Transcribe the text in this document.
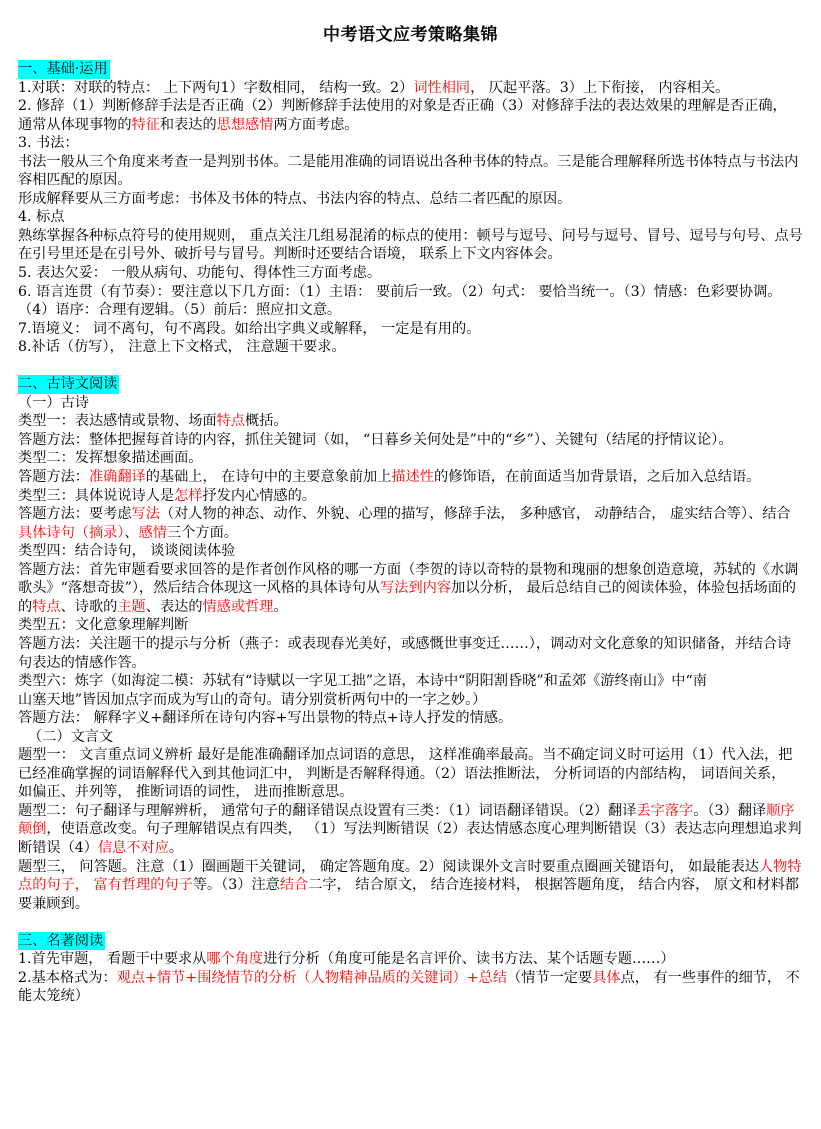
中考语文应考策略集锦

一、基础·运用

1.对联：对联的特点： 上下两句1）字数相同， 结构一致。2）词性相同， 仄起平落。3）上下衔接， 内容相关。

2. 修辞（1）判断修辞手法是否正确（2）判断修辞手法使用的对象是否正确（3）对修辞手法的表达效果的理解是否正确， 通常从体现事物的特征和表达的思想感情两方面考虑。

3. 书法：

书法一般从三个角度来考查一是判别书体。二是能用准确的词语说出各种书体的特点。三是能合理解释所选书体特点与书法内容相匹配的原因。

形成解释要从三方面考虑：书体及书体的特点、书法内容的特点、总结二者匹配的原因。

4. 标点

熟练掌握各种标点符号的使用规则， 重点关注几组易混淆的标点的使用：顿号与逗号、问号与逗号、冒号、逗号与句号、点号在引号里还是在引号外、破折号与冒号。判断时还要结合语境， 联系上下文内容体会。

5. 表达欠妥： 一般从病句、功能句、得体性三方面考虑。

6. 语言连贯（有节奏）：要注意以下几方面：（1）主语： 要前后一致。（2）句式： 要恰当统一。（3）情感：色彩要协调。（4）语序：合理有逻辑。（5）前后：照应扣文意。

7.语境义： 词不离句，句不离段。如给出字典义或解释， 一定是有用的。

8.补话（仿写）， 注意上下文格式， 注意题干要求。

二、古诗文阅读

（一）古诗

类型一：表达感情或景物、场面特点概括。

答题方法：整体把握每首诗的内容，抓住关键词（如， “日暮乡关何处是”中的“乡”）、关键句（结尾的抒情议论）。

类型二：发挥想象描述画面。

答题方法：准确翻译的基础上， 在诗句中的主要意象前加上描述性的修饰语，在前面适当加背景语，之后加入总结语。

类型三：具体说说诗人是怎样抒发内心情感的。

答题方法：要考虑写法（对人物的神态、动作、外貌、心理的描写，修辞手法， 多种感官， 动静结合， 虚实结合等）、结合具体诗句（摘录）、感情三个方面。

类型四：结合诗句， 谈谈阅读体验

答题方法：首先审题看要求回答的是作者创作风格的哪一方面（李贺的诗以奇特的景物和瑰丽的想象创造意境，苏轼的《水调歌头》“落想奇拔”），然后结合体现这一风格的具体诗句从写法到内容加以分析， 最后总结自己的阅读体验，体验包括场面的的特点、诗歌的主题、表达的情感或哲理。

类型五：文化意象理解判断

答题方法：关注题干的提示与分析（燕子：或表现春光美好，或感慨世事变迁……），调动对文化意象的知识储备，并结合诗句表达的情感作答。

类型六：炼字（如海淀二模：苏轼有“诗赋以一字见工拙”之语，本诗中“阴阳割昏晓”和孟郊《游终南山》中“南

山塞天地”皆因加点字而成为写山的奇句。请分别赏析两句中的一字之妙。）

答题方法： 解释字义+翻译所在诗句内容+写出景物的特点+诗人抒发的情感。

（二）文言文

题型一： 文言重点词义辨析 最好是能准确翻译加点词语的意思， 这样准确率最高。当不确定词义时可运用（1）代入法，把已经准确掌握的词语解释代入到其他词汇中， 判断是否解释得通。（2）语法推断法， 分析词语的内部结构， 词语间关系， 如偏正、并列等， 推断词语的词性， 进而推断意思。

题型二：句子翻译与理解辨析， 通常句子的翻译错误点设置有三类：（1）词语翻译错误。（2）翻译丢字落字。（3）翻译顺序颠倒，使语意改变。句子理解错误点有四类， （1）写法判断错误（2）表达情感态度心理判断错误（3）表达志向理想追求判断错误（4）信息不对应。

题型三， 问答题。注意（1）圈画题干关键词， 确定答题角度。2）阅读课外文言时要重点圈画关键语句， 如最能表达人物特点的句子， 富有哲理的句子等。（3）注意结合二字， 结合原文， 结合连接材料， 根据答题角度， 结合内容， 原文和材料都要兼顾到。

三、名著阅读

1.首先审题， 看题干中要求从哪个角度进行分析（角度可能是名言评价、读书方法、某个话题专题……）

2.基本格式为：观点+情节+围绕情节的分析（人物精神品质的关键词）+总结（情节一定要具体点， 有一些事件的细节， 不能太笼统）
